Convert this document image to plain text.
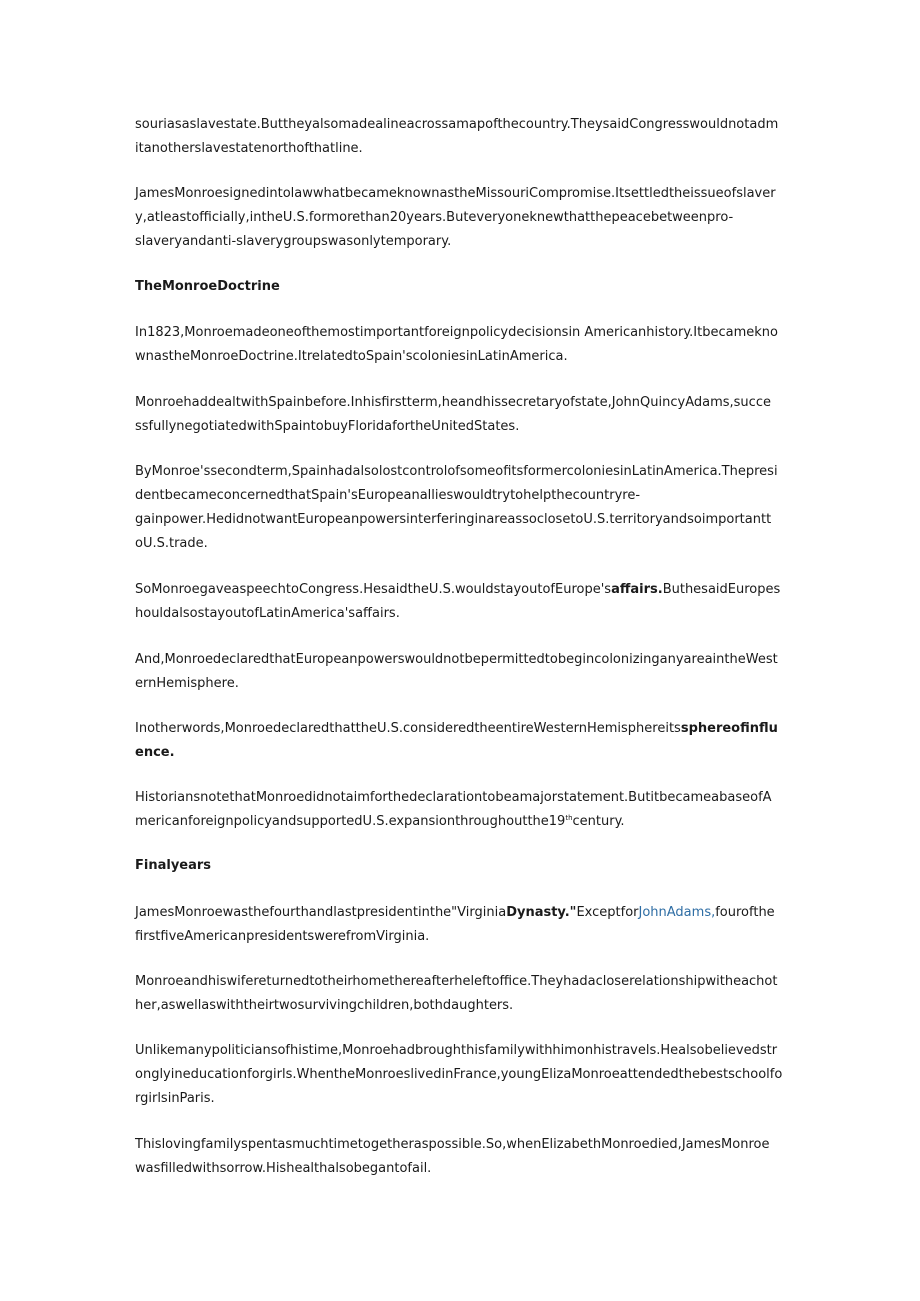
souriasaslavestate.Buttheyalsomadealineacrossamapofthecountry.TheysaidCongresswouldnotadm
itanotherslavestatenorthofthatline.
JamesMonroesignedintolawwhatbecameknownastheMissouriCompromise.Itsettledtheissueofslaver
y,atleastofficially,intheU.S.formorethan20years.Buteveryoneknewthatthepeacebetweenpro-
slaveryandanti-slaverygroupswasonlytemporary.
TheMonroeDoctrine
In1823,Monroemadeoneofthemostimportantforeignpolicydecisionsin Americanhistory.Itbecamekno
wnastheMonroeDoctrine.ItrelatedtoSpain'scoloniesinLatinAmerica.
MonroehaddealtwithSpainbefore.Inhisfirstterm,heandhissecretaryofstate,JohnQuincyAdams,succe
ssfullynegotiatedwithSpaintobuyFloridafortheUnitedStates.
ByMonroe'ssecondterm,SpainhadalsolostcontrolofsomeofitsformercoloniesinLatinAmerica.Thepresi
dentbecameconcernedthatSpain'sEuropeanallieswouldtrytohelpthecountryre-
gainpower.HedidnotwantEuropeanpowersinterferinginareassoclosetoU.S.territoryandsoimportantt
oU.S.trade.
SoMonroegaveaspeechtoCongress.HesaidtheU.S.wouldstayoutofEurope'saffairs.ButhesaidEuropes
houldalsostayoutofLatinAmerica'saffairs.
And,MonroedeclaredthatEuropeanpowerswouldnotbepermittedtobegincolonizinganyareaintheWest
ernHemisphere.
Inotherwords,MonroedeclaredthattheU.S.consideredtheentireWesternHemisphereitssphereofinflu
ence.
HistoriansnotethatMonroedidnotaimforthedeclarationtobeamajorstatement.ButitbecameabaseofA
mericanforeignpolicyandsupportedU.S.expansionthroughoutthe19thcentury.
Finalyears
JamesMonroewasthefourthandlastpresidentinthe"VirginiaDynasty."ExceptforJohnAdams,fourofthe
firstfiveAmericanpresidentswerefromVirginia.
Monroeandhiswifereturnedtotheirhomethereafterheleftoffice.Theyhadacloserelationshipwitheachot
her,aswellaswiththeirtwosurvivingchildren,bothdaughters.
Unlikemanypoliticiansofhistime,Monroehadbroughthisfamilywithhimonhistravels.Healsobelievedstr
onglyineducationforgirls.WhentheMonroeslivedinFrance,youngElizaMonroeattendedthebestschoolfo
rgirlsinParis.
Thislovingfamilyspentasmuchtimetogetheraspossible.So,whenElizabethMonroedied,JamesMonroe
wasfilledwithsorrow.Hishealthalsobegantofail.
